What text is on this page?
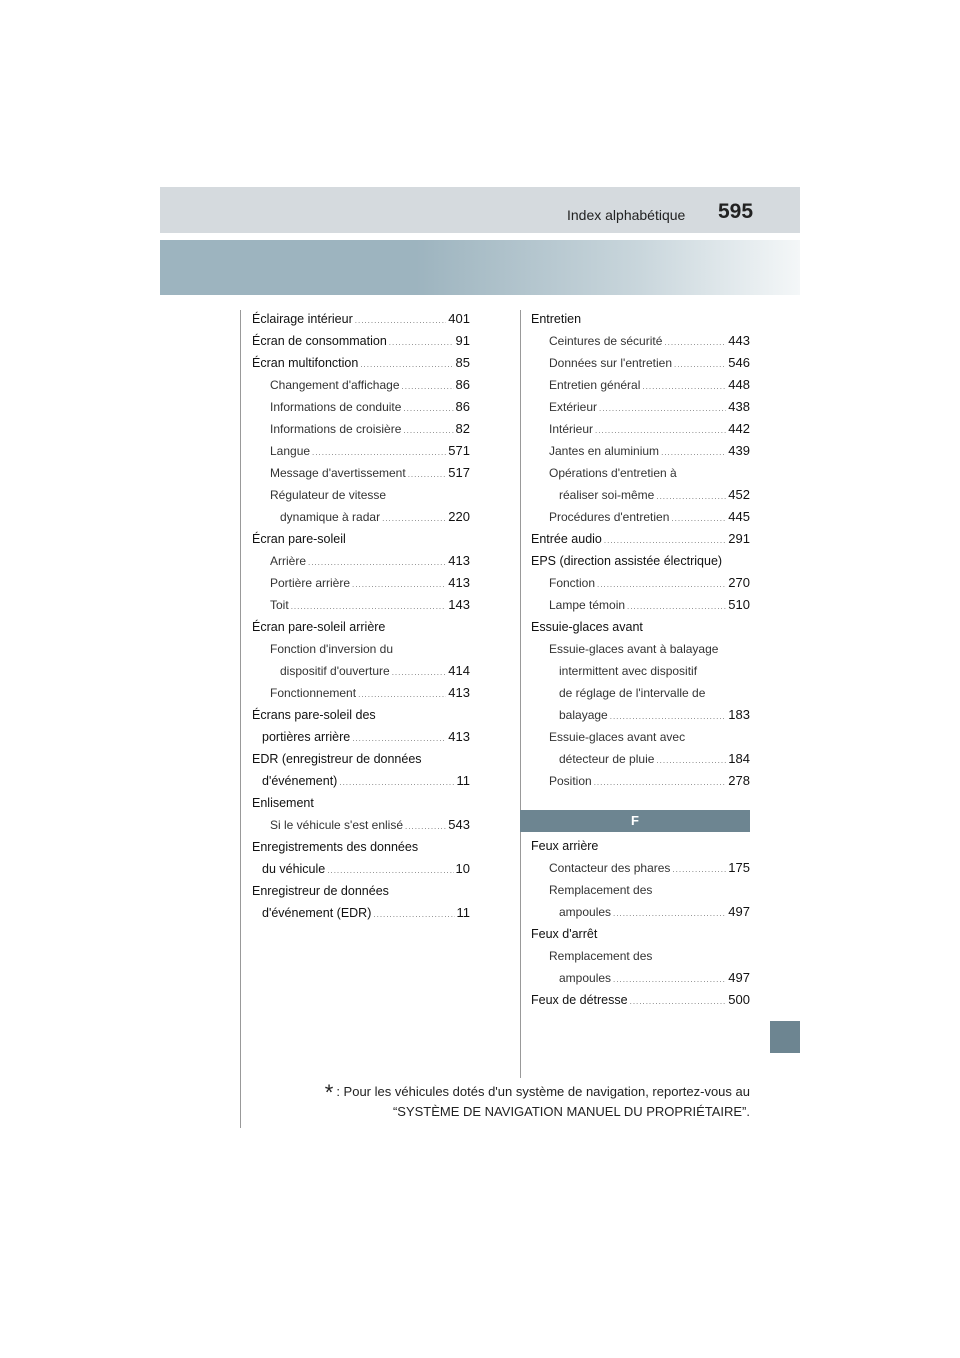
Index alphabétique 595
Éclairage intérieur .....	401
Écran de consommation .....	91
Écran multifonction .....	85
Changement d'affichage .....	86
Informations de conduite .....	86
Informations de croisière .....	82
Langue .....	571
Message d'avertissement .....	517
Régulateur de vitesse
dynamique à radar .....	220
Écran pare-soleil
Arrière .....	413
Portière arrière .....	413
Toit .....	143
Écran pare-soleil arrière
Fonction d'inversion du
dispositif d'ouverture .....	414
Fonctionnement .....	413
Écrans pare-soleil des
portières arrière .....	413
EDR (enregistreur de données
d'événement) .....	11
Enlisement
Si le véhicule s'est enlisé .....	543
Enregistrements des données
du véhicule .....	10
Enregistreur de données
d'événement (EDR) .....	11
Entretien
Ceintures de sécurité .....	443
Données sur l'entretien .....	546
Entretien général .....	448
Extérieur .....	438
Intérieur .....	442
Jantes en aluminium .....	439
Opérations d'entretien à
réaliser soi-même .....	452
Procédures d'entretien .....	445
Entrée audio .....	291
EPS (direction assistée électrique)
Fonction .....	270
Lampe témoin .....	510
Essuie-glaces avant
Essuie-glaces avant à balayage
intermittent avec dispositif
de réglage de l'intervalle de
balayage .....	183
Essuie-glaces avant avec
détecteur de pluie .....	184
Position .....	278
F
Feux arrière
Contacteur des phares .....	175
Remplacement des
ampoules .....	497
Feux d'arrêt
Remplacement des
ampoules .....	497
Feux de détresse .....	500
* : Pour les véhicules dotés d'un système de navigation, reportez-vous au
“SYSTÈME DE NAVIGATION MANUEL DU PROPRIÉTAIRE”.
